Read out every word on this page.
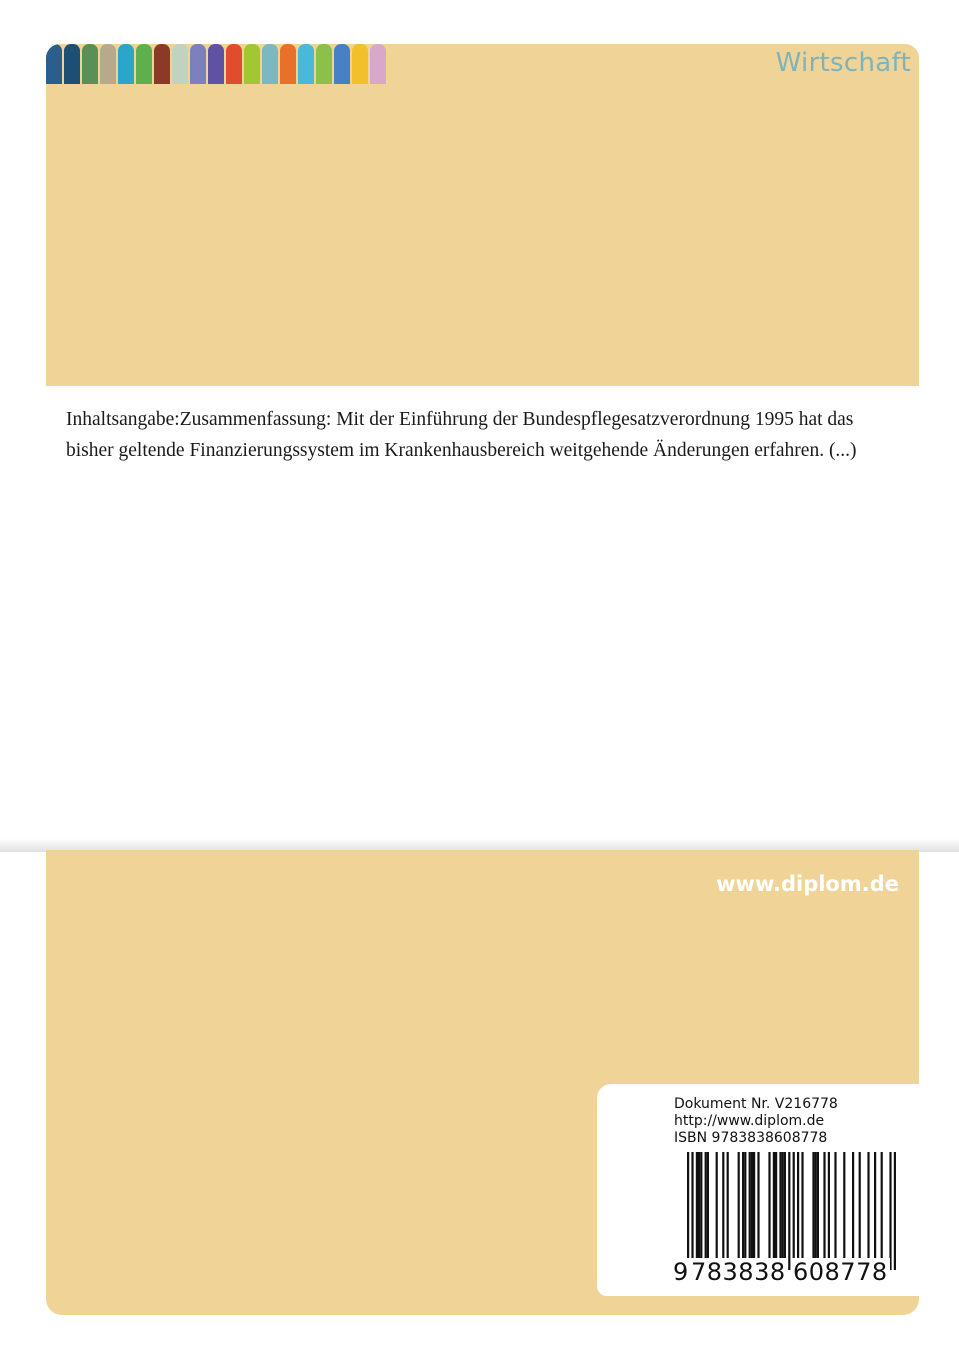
Wirtschaft

Inhaltsangabe:Zusammenfassung: Mit der Einführung der Bundespflegesatzverordnung 1995 hat das bisher geltende Finanzierungssystem im Krankenhausbereich weitgehende Änderungen erfahren. (...)

www.diplom.de
Dokument Nr. V216778
http://www.diplom.de
ISBN 9783838608778
9 783838 608778
